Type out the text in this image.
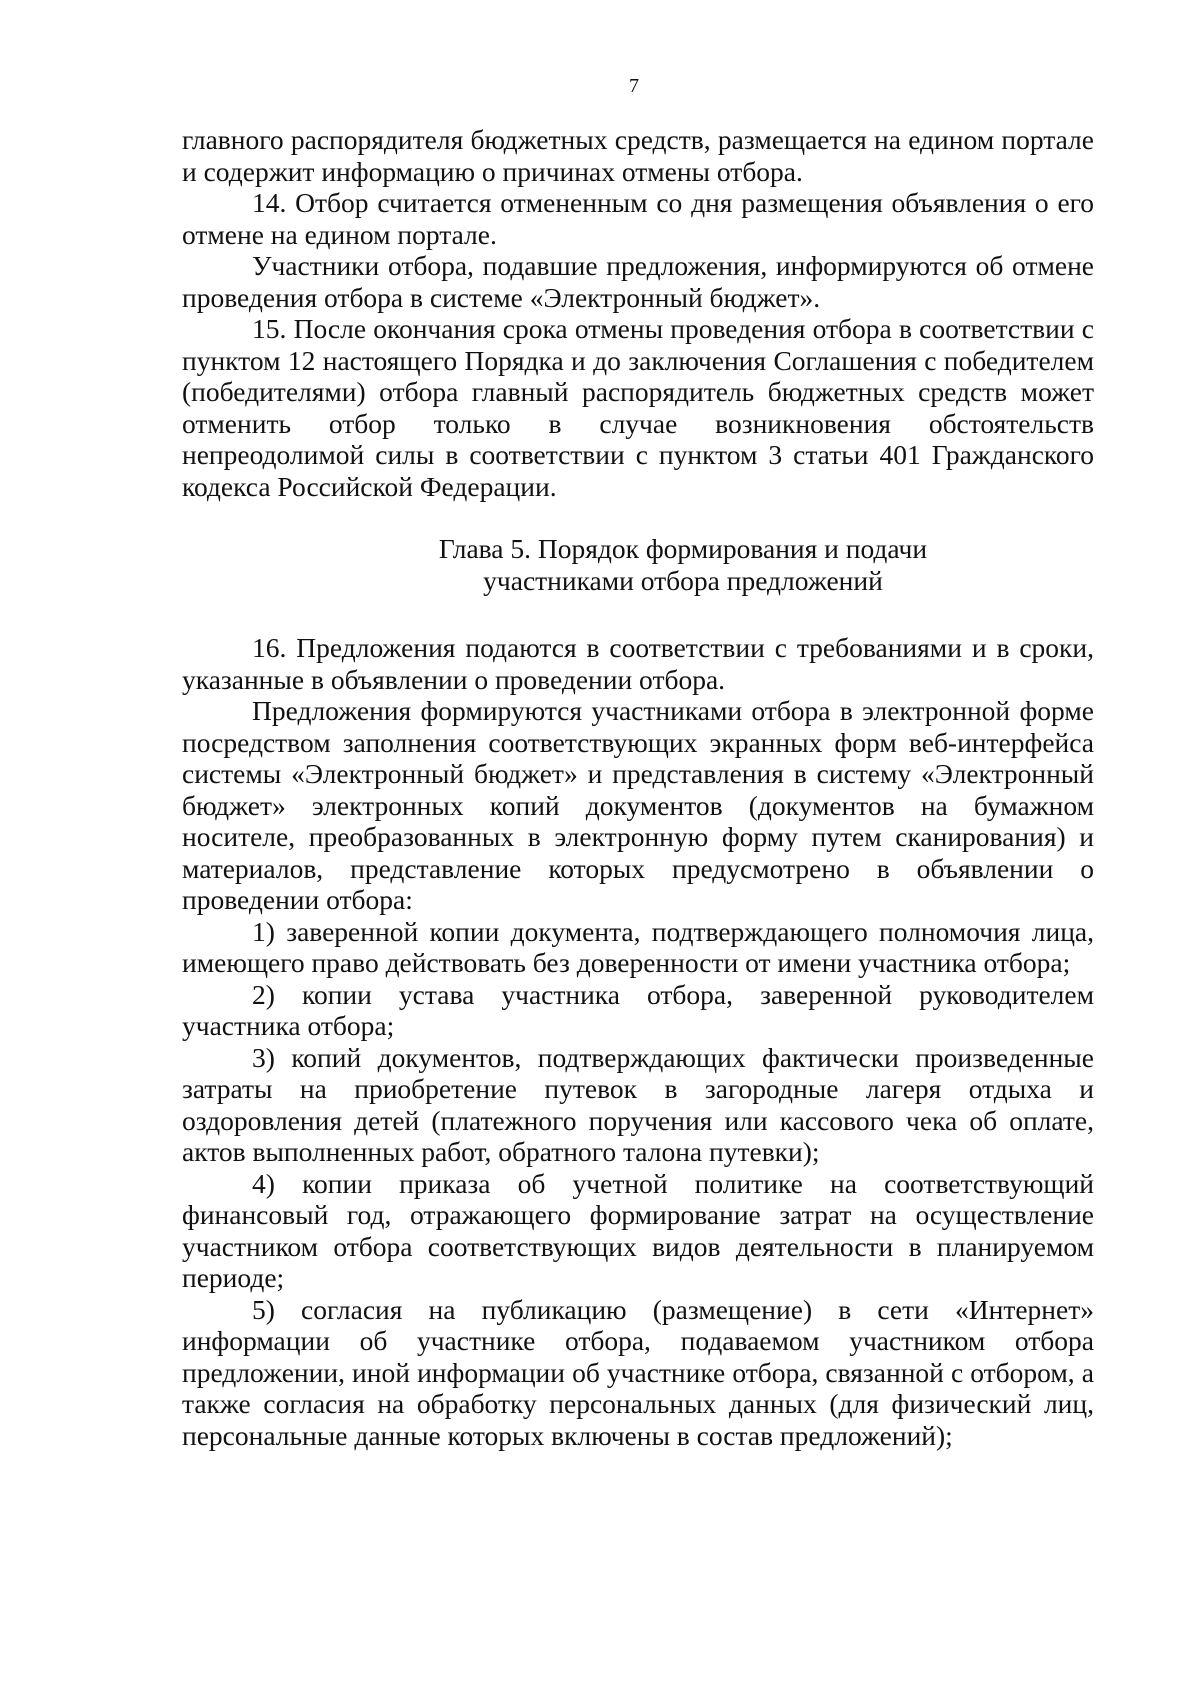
7

главного распорядителя бюджетных средств, размещается на едином портале и содержит информацию о причинах отмены отбора.

14. Отбор считается отмененным со дня размещения объявления о его отмене на едином портале.

Участники отбора, подавшие предложения, информируются об отмене проведения отбора в системе «Электронный бюджет».

15. После окончания срока отмены проведения отбора в соответствии с пунктом 12 настоящего Порядка и до заключения Соглашения с победителем (победителями) отбора главный распорядитель бюджетных средств может отменить отбор только в случае возникновения обстоятельств непреодолимой силы в соответствии с пунктом 3 статьи 401 Гражданского кодекса Российской Федерации.

Глава 5. Порядок формирования и подачи
участниками отбора предложений

16. Предложения подаются в соответствии с требованиями и в сроки, указанные в объявлении о проведении отбора.

Предложения формируются участниками отбора в электронной форме посредством заполнения соответствующих экранных форм веб-интерфейса системы «Электронный бюджет» и представления в систему «Электронный бюджет» электронных копий документов (документов на бумажном носителе, преобразованных в электронную форму путем сканирования) и материалов, представление которых предусмотрено в объявлении о проведении отбора:

1) заверенной копии документа, подтверждающего полномочия лица, имеющего право действовать без доверенности от имени участника отбора;

2) копии устава участника отбора, заверенной руководителем участника отбора;

3) копий документов, подтверждающих фактически произведенные затраты на приобретение путевок в загородные лагеря отдыха и оздоровления детей (платежного поручения или кассового чека об оплате, актов выполненных работ, обратного талона путевки);

4) копии приказа об учетной политике на соответствующий финансовый год, отражающего формирование затрат на осуществление участником отбора соответствующих видов деятельности в планируемом периоде;

5) согласия на публикацию (размещение) в сети «Интернет» информации об участнике отбора, подаваемом участником отбора предложении, иной информации об участнике отбора, связанной с отбором, а также согласия на обработку персональных данных (для физический лиц, персональные данные которых включены в состав предложений);
